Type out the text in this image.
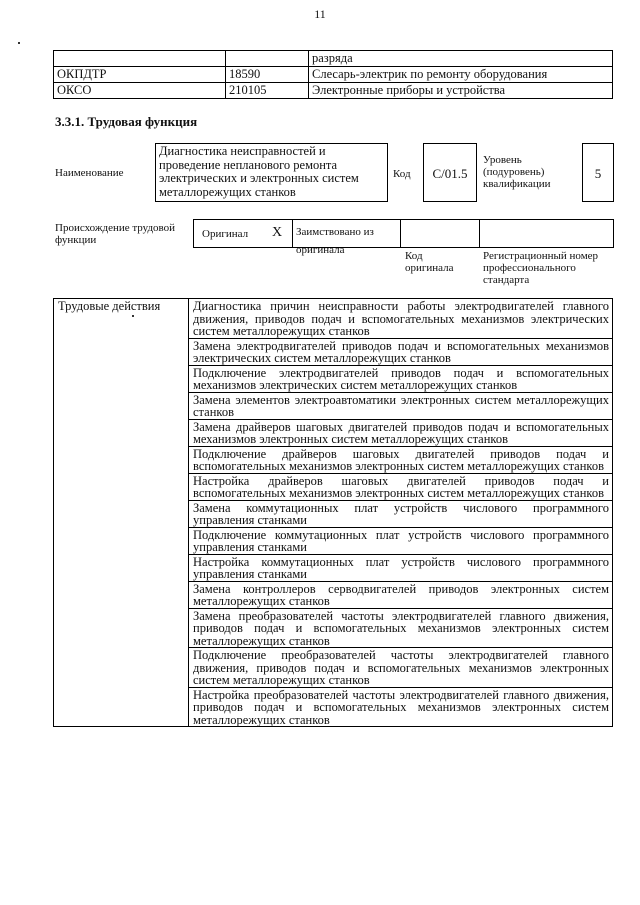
11
		разряда
ОКПДТР	18590	Слесарь-электрик по ремонту оборудования
ОКСО	210105	Электронные приборы и устройства
3.3.1. Трудовая функция
Наименование
Диагностика неисправностей и проведение непланового ремонта электрических и электронных систем металлорежущих станков
Код	C/01.5
Уровень (подуровень) квалификации
5
Происхождение трудовой функции	Оригинал X	Заимствовано из оригинала	Код оригинала
Регистрационный номер профессионального стандарта
Трудовые действия	Диагностика причин неисправности работы электродвигателей главного движения, приводов подач и вспомогательных механизмов электрических систем металлорежущих станков
Замена электродвигателей приводов подач и вспомогательных механизмов электрических систем металлорежущих станков
Подключение электродвигателей приводов подач и вспомогательных механизмов электрических систем металлорежущих станков
Замена элементов электроавтоматики электронных систем металлорежущих станков
Замена драйверов шаговых двигателей приводов подач и вспомогательных механизмов электронных систем металлорежущих станков
Подключение драйверов шаговых двигателей приводов подач и вспомогательных механизмов электронных систем металлорежущих станков
Настройка драйверов шаговых двигателей приводов подач и вспомогательных механизмов электронных систем металлорежущих станков
Замена коммутационных плат устройств числового программного управления станками
Подключение коммутационных плат устройств числового программного управления станками
Настройка коммутационных плат устройств числового программного управления станками
Замена контроллеров серводвигателей приводов электронных систем металлорежущих станков
Замена преобразователей частоты электродвигателей главного движения, приводов подач и вспомогательных механизмов электронных систем металлорежущих станков
Подключение преобразователей частоты электродвигателей главного движения, приводов подач и вспомогательных механизмов электронных систем металлорежущих станков
Настройка преобразователей частоты электродвигателей главного движения, приводов подач и вспомогательных механизмов электронных систем металлорежущих станков
